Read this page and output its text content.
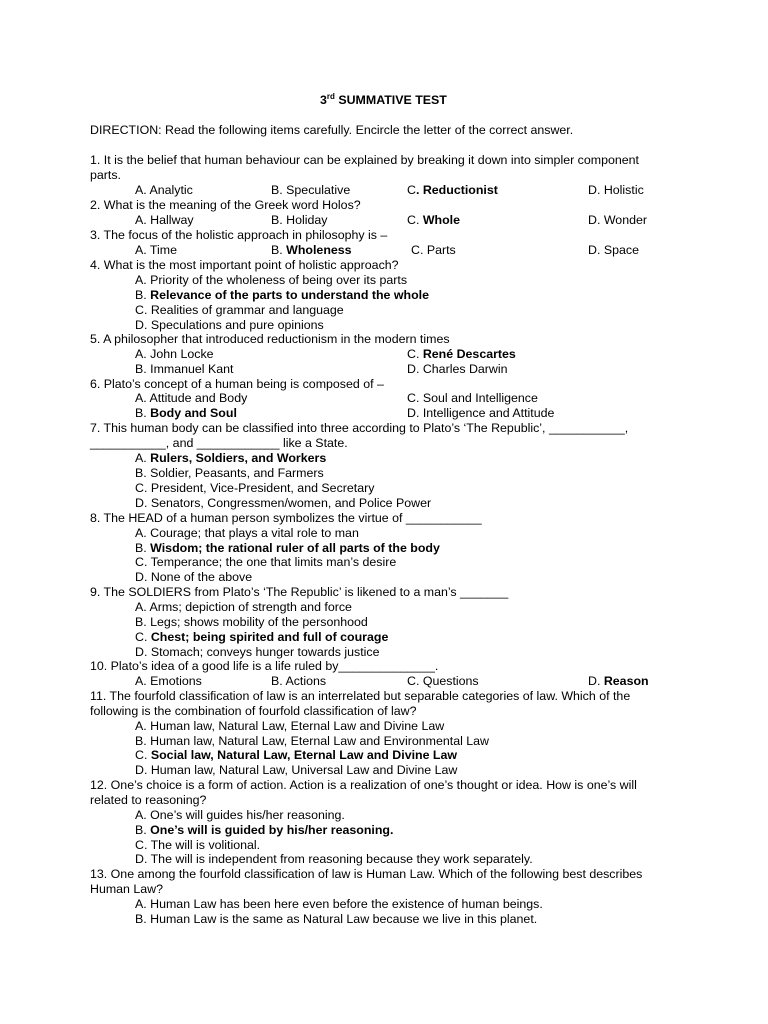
3rd SUMMATIVE TEST
DIRECTION: Read the following items carefully. Encircle the letter of the correct answer.
1. It is the belief that human behaviour can be explained by breaking it down into simpler component
parts.
A. Analytic	B. Speculative	C. Reductionist	D. Holistic
2. What is the meaning of the Greek word Holos?
A. Hallway	B. Holiday	C. Whole	D. Wonder
3. The focus of the holistic approach in philosophy is –
A. Time	B. Wholeness	C. Parts	D. Space
4. What is the most important point of holistic approach?
A. Priority of the wholeness of being over its parts
B. Relevance of the parts to understand the whole
C. Realities of grammar and language
D. Speculations and pure opinions
5. A philosopher that introduced reductionism in the modern times
A. John Locke	C. René Descartes
B. Immanuel Kant	D. Charles Darwin
6. Plato’s concept of a human being is composed of –
A. Attitude and Body	C. Soul and Intelligence
B. Body and Soul	D. Intelligence and Attitude
7. This human body can be classified into three according to Plato’s ‘The Republic’, ___________,
___________, and ____________ like a State.
A. Rulers, Soldiers, and Workers
B. Soldier, Peasants, and Farmers
C. President, Vice-President, and Secretary
D. Senators, Congressmen/women, and Police Power
8. The HEAD of a human person symbolizes the virtue of ___________
A. Courage; that plays a vital role to man
B. Wisdom; the rational ruler of all parts of the body
C. Temperance; the one that limits man’s desire
D. None of the above
9. The SOLDIERS from Plato’s ‘The Republic’ is likened to a man’s _______
A. Arms; depiction of strength and force
B. Legs; shows mobility of the personhood
C. Chest; being spirited and full of courage
D. Stomach; conveys hunger towards justice
10. Plato’s idea of a good life is a life ruled by______________.
A. Emotions	B. Actions	C. Questions	D. Reason
11. The fourfold classification of law is an interrelated but separable categories of law. Which of the
following is the combination of fourfold classification of law?
A. Human law, Natural Law, Eternal Law and Divine Law
B. Human law, Natural Law, Eternal Law and Environmental Law
C. Social law, Natural Law, Eternal Law and Divine Law
D. Human law, Natural Law, Universal Law and Divine Law
12. One’s choice is a form of action. Action is a realization of one’s thought or idea. How is one’s will
related to reasoning?
A. One’s will guides his/her reasoning.
B. One’s will is guided by his/her reasoning.
C. The will is volitional.
D. The will is independent from reasoning because they work separately.
13. One among the fourfold classification of law is Human Law. Which of the following best describes
Human Law?
A. Human Law has been here even before the existence of human beings.
B. Human Law is the same as Natural Law because we live in this planet.
